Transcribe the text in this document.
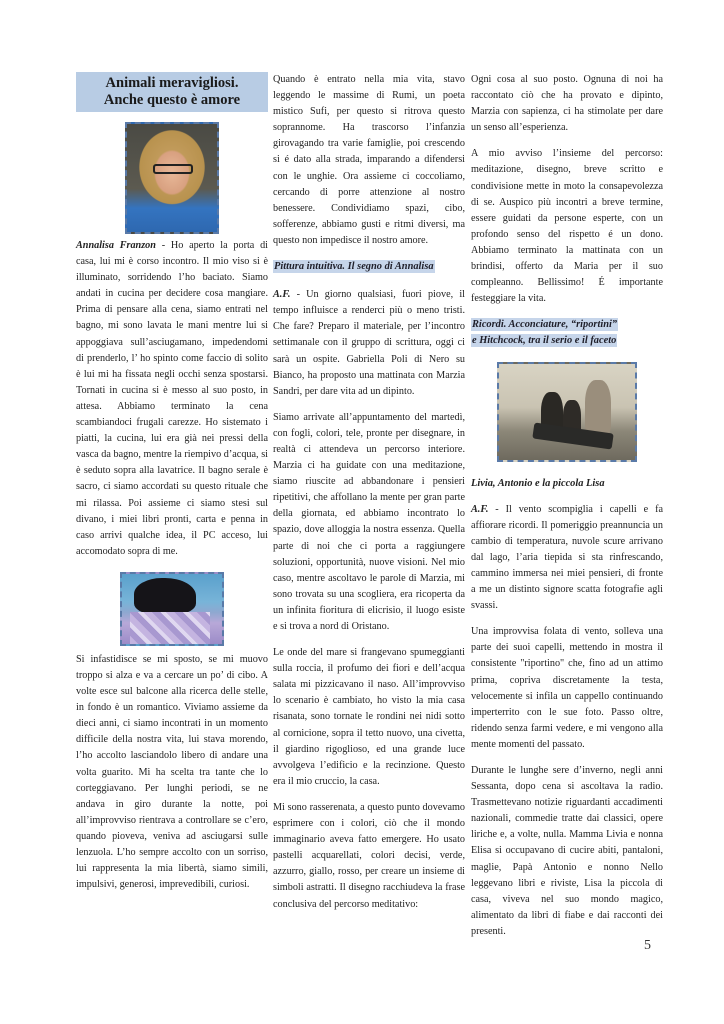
Animali meravigliosi.
Anche questo è amore

Annalisa Franzon - Ho aperto la porta di casa, lui mi è corso incontro. Il mio viso si è illuminato, sorridendo l’ho baciato. Siamo andati in cucina per decidere cosa mangiare. Prima di pensare alla cena, siamo entrati nel bagno, mi sono lavata le mani mentre lui si appoggiava sull’asciugamano, impedendomi di prenderlo, l’ ho spinto come faccio di solito è lui mi ha fissata negli occhi senza spostarsi. Tornati in cucina si è messo al suo posto, in attesa. Abbiamo terminato la cena scambiandoci frugali carezze. Ho sistemato i piatti, la cucina, lui era già nei pressi della vasca da bagno, mentre la riempivo d’acqua, si è seduto sopra alla lavatrice. Il bagno serale è sacro, ci siamo accordati su questo rituale che mi rilassa. Poi assieme ci siamo stesi sul divano, i miei libri pronti, carta e penna in caso arrivi qualche idea, il PC acceso, lui accomodato sopra di me.

Si infastidisce se mi sposto, se mi muovo troppo si alza e va a cercare un po’ di cibo. A volte esce sul balcone alla ricerca delle stelle, in fondo è un romantico. Viviamo assieme da dieci anni, ci siamo incontrati in un momento difficile della nostra vita, lui stava morendo, l’ho accolto lasciandolo libero di andare una volta guarito. Mi ha scelta tra tante che lo corteggiavano. Per lunghi periodi, se ne andava in giro durante la notte, poi all’improvviso rientrava a controllare se c’ero, quando pioveva, veniva ad asciugarsi sulle lenzuola. L’ho sempre accolto con un sorriso, lui rappresenta la mia libertà, siamo simili, impulsivi, generosi, imprevedibili, curiosi.

Quando è entrato nella mia vita, stavo leggendo le massime di Rumi, un poeta mistico Sufi, per questo si ritrova questo soprannome. Ha trascorso l’infanzia girovagando tra varie famiglie, poi crescendo si é dato alla strada, imparando a difendersi con le unghie. Ora assieme ci coccoliamo, cercando di porre attenzione al nostro benessere. Condividiamo spazi, cibo, sofferenze, abbiamo gusti e ritmi diversi, ma questo non impedisce il nostro amore.

Pittura intuitiva. Il segno di Annalisa

A.F. - Un giorno qualsiasi, fuori piove, il tempo influisce a renderci più o meno tristi. Che fare? Preparo il materiale, per l’incontro settimanale con il gruppo di scrittura, oggi ci sarà un ospite. Gabriella Poli di Nero su Bianco, ha proposto una mattinata con Marzia Sandri, per dare vita ad un dipinto.

Siamo arrivate all’appuntamento del martedì, con fogli, colori, tele, pronte per disegnare, in realtà ci attendeva un percorso interiore. Marzia ci ha guidate con una meditazione, siamo riuscite ad abbandonare i pensieri ripetitivi, che affollano la mente per gran parte della giornata, ed abbiamo incontrato lo spazio, dove alloggia la nostra essenza. Quella parte di noi che ci porta a raggiungere soluzioni, opportunità, nuove visioni. Nel mio caso, mentre ascoltavo le parole di Marzia, mi sono trovata su una scogliera, era ricoperta da un infinita fioritura di elicrisio, il luogo esiste e si trova a nord di Oristano.

Le onde del mare si frangevano spumeggianti sulla roccia, il profumo dei fiori e dell’acqua salata mi pizzicavano il naso. All’improvviso lo scenario è cambiato, ho visto la mia casa risanata, sono tornate le rondini nei nidi sotto al cornicione, sopra il tetto nuovo, una civetta, il giardino rigoglioso, ed una grande luce avvolgeva l’edificio e la recinzione. Questo era il mio cruccio, la casa.

Mi sono rasserenata, a questo punto dovevamo esprimere con i colori, ciò che il mondo immaginario aveva fatto emergere. Ho usato pastelli acquarellati, colori decisi, verde, azzurro, giallo, rosso, per creare un insieme di simboli astratti. Il disegno racchiudeva la frase conclusiva del percorso meditativo:

Ogni cosa al suo posto. Ognuna di noi ha raccontato ciò che ha provato e dipinto, Marzia con sapienza, ci ha stimolate per dare un senso all’esperienza.

A mio avviso l’insieme del percorso: meditazione, disegno, breve scritto e condivisione mette in moto la consapevolezza di se. Auspico più incontri a breve termine, essere guidati da persone esperte, con un profondo senso del rispetto é un dono. Abbiamo terminato la mattinata con un brindisi, offerto da Maria per il suo compleanno. Bellissimo! É importante festeggiare la vita.

Ricordi. Acconciature, “riportini”
e Hitchcock, tra il serio e il faceto
Livia, Antonio e la piccola Lisa

A.F. - Il vento scompiglia i capelli e fa affiorare ricordi. Il pomeriggio preannuncia un cambio di temperatura, nuvole scure arrivano dal lago, l’aria tiepida si sta rinfrescando, cammino immersa nei miei pensieri, di fronte a me un distinto signore scatta fotografie agli svassi.

Una improvvisa folata di vento, solleva una parte dei suoi capelli, mettendo in mostra il consistente "riportino" che, fino ad un attimo prima, copriva discretamente la testa, velocemente si infila un cappello continuando imperterrito con le sue foto. Passo oltre, ridendo senza farmi vedere, e mi vengono alla mente momenti del passato.

Durante le lunghe sere d’inverno, negli anni Sessanta, dopo cena si ascoltava la radio. Trasmettevano notizie riguardanti accadimenti nazionali, commedie tratte dai classici, opere liriche e, a volte, nulla. Mamma Livia e nonna Elisa si occupavano di cucire abiti, pantaloni, maglie, Papà Antonio e nonno Nello leggevano libri e riviste, Lisa la piccola di casa, viveva nel suo mondo magico, alimentato da libri di fiabe e dai racconti dei presenti.

5
